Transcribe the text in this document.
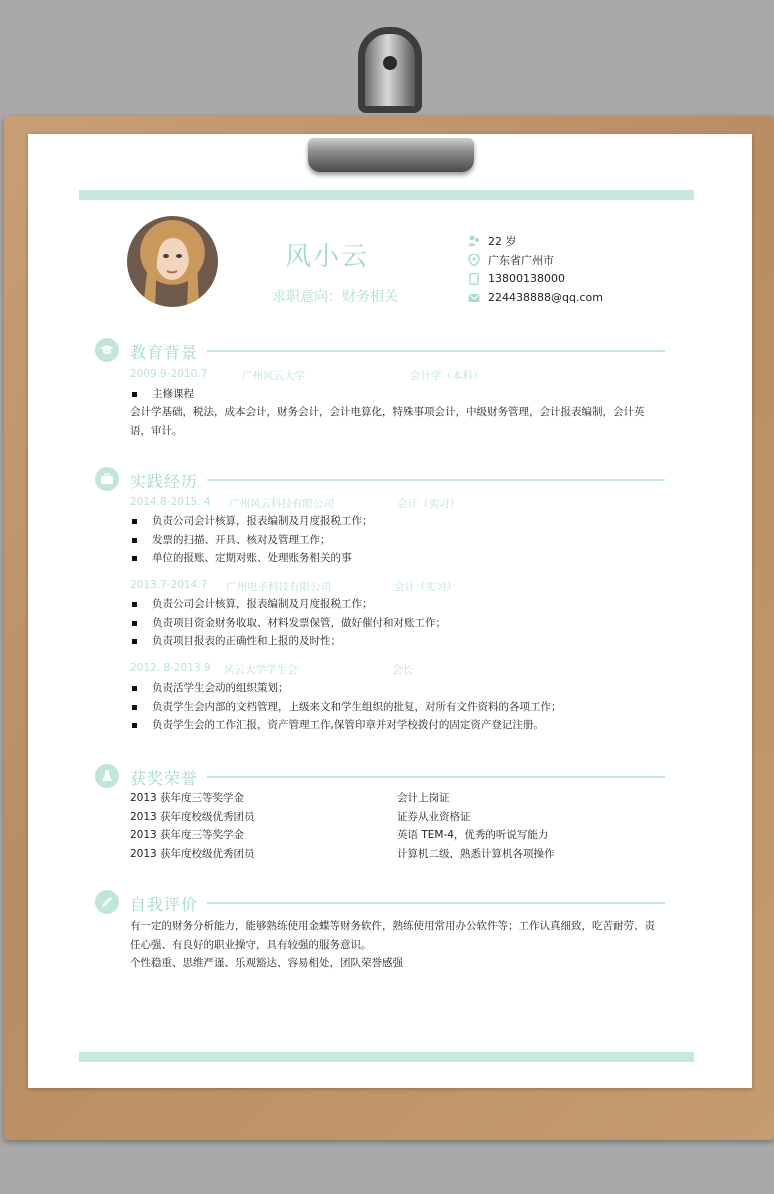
风小云
求职意向：财务相关
22 岁
广东省广州市
13800138000
224438888@qq.com
教育背景
2009.9-2010.7	广州风云大学	会计学（本科）
主修课程
会计学基础，税法，成本会计，财务会计，会计电算化，特殊事项会计，中级财务管理，会计报表编制，会计英语，审计。
实践经历
2014.8-2015. 4 广州风云科技有限公司	会计（实习）
负责公司会计核算，报表编制及月度报税工作；
发票的扫描、开具、核对及管理工作；
单位的报账、定期对账、处理账务相关的事
2013.7-2014.7 广州电子科技有限公司	会计（实习）
负责公司会计核算，报表编制及月度报税工作；
负责项目资金财务收取、材料发票保管，做好催付和对账工作；
负责项目报表的正确性和上报的及时性；
2012. 8-2013.9 风云大学学生会	会长
负责活学生会动的组织策划；
负责学生会内部的文档管理，上级来文和学生组织的批复，对所有文件资料的各项工作；
负责学生会的工作汇报，资产管理工作,保管印章并对学校拨付的固定资产登记注册。
获奖荣誉
2013 获年度三等奖学金	会计上岗证
2013 获年度校级优秀团员	证券从业资格证
2013 获年度三等奖学金	英语 TEM-4，优秀的听说写能力
2013 获年度校级优秀团员	计算机二级，熟悉计算机各项操作
自我评价
有一定的财务分析能力，能够熟练使用金蝶等财务软件，熟练使用常用办公软件等；工作认真细致，吃苦耐劳、责任心强、有良好的职业操守，具有较强的服务意识。
个性稳重、思维严谨、乐观豁达、容易相处，团队荣誉感强
